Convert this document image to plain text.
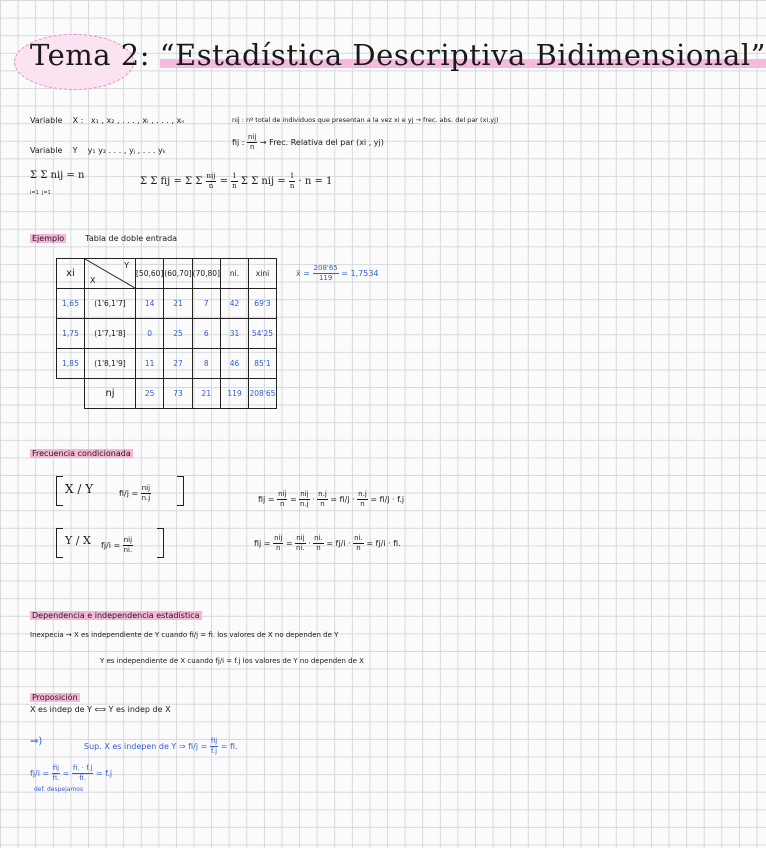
Tema 2: “Estadística Descriptiva Bidimensional”
Variable X : x₁ , x₂ , . . . , xᵢ , . . . , xₙ
Variable Y y₁ y₂ . . . , yⱼ , . . . yₖ
nij : nº total de individuos que presentan a la vez xi e yj → frec. abs. del par (xi,yj)
fij : $\frac{\text{nij}}{n}$ → Frec. Relativa del par (xi , yj)
Σ Σ nij = n
i=1 j=1
Σ Σ fij = Σ Σ $\frac{\text{nij}}{n} = \frac{1}{n}$ Σ Σ nij = $\frac{1}{n} \cdot n = 1$
Ejemplo	Tabla de doble entrada
xi	Y
X	[50,60]	(60,70]	(70,80]	ni.	xini
1,65	(1'6,1'7]	14	21	7	42	69'3
1,75	(1'7,1'8]	0	25	6	31	54'25
1,85	(1'8,1'9]	11	27	8	46	85'1
	nj	25	73	21	119	208'65
x̄ = $\frac{208'65}{119} = 1,7534$
Frecuencia condicionada
X / Y	$fi/j = \frac{\text{nij}}{n.j}$
Y / X $fj/i = \frac{\text{nij}}{ni.}$
fij = $\frac{\text{nij}}{n} = \frac{\text{nij}}{n.j} \cdot \frac{n.j}{n} = fi/j \cdot \frac{n.j}{n} = fi/j \cdot f.j$
fij = $\frac{\text{nij}}{n} = \frac{\text{nij}}{ni.} \cdot \frac{ni.}{n} = fj/i \cdot \frac{ni.}{n} = fj/i$ · fi.
Dependencia e independencia estadística
Inexpecia → X es independiente de Y cuando fi/j = fi. los valores de X no dependen de Y
Y es independiente de X cuando fj/i = f.j los valores de Y no dependen de X
Proposición
X es indep de Y ⟺ Y es indep de X
⇒)	Sup. X es indepen de Y ⇒ $fi/j = \frac{\text{fij}}{f.j}$ = fi.
$fj/i = \frac{\text{fij}}{fi.} = \frac{fi. \cdot f.j}{fi.} = f.j$
def. despejamos
